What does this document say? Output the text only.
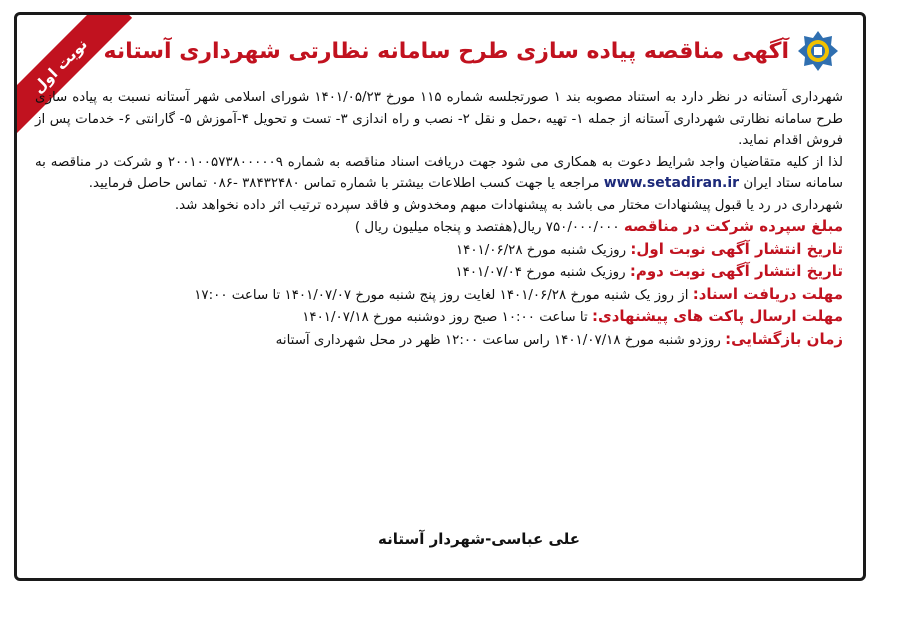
نوبت اول آگهی مناقصه پیاده سازی طرح سامانه نظارتی شهرداری آستانه

شهرداری آستانه در نظر دارد به استناد مصوبه بند ۱ صورتجلسه شماره ۱۱۵ مورخ ۱۴۰۱/۰۵/۲۳ شورای اسلامی شهر آستانه نسبت به پیاده سازی طرح سامانه نظارتی شهرداری آستانه از جمله ۱- تهیه ،حمل و نقل ۲- نصب و راه اندازی ۳- تست و تحویل ۴-آموزش ۵- گارانتی ۶- خدمات پس از فروش اقدام نماید.

لذا از کلیه متقاضیان واجد شرایط دعوت به همکاری می شود جهت دریافت اسناد مناقصه به شماره ۲۰۰۱۰۰۵۷۳۸۰۰۰۰۰۹ و شرکت در مناقصه به سامانه ستاد ایران www.setadiran.ir مراجعه یا جهت کسب اطلاعات بیشتر با شماره تماس ۳۸۴۳۲۴۸۰ -۰۸۶ تماس حاصل فرمایید.

شهرداری در رد یا قبول پیشنهادات مختار می باشد به پیشنهادات مبهم ومخدوش و فاقد سپرده ترتیب اثر داده نخواهد شد.

مبلغ سپرده شرکت در مناقصه ۷۵۰/۰۰۰/۰۰۰ ریال(هفتصد و پنجاه میلیون ریال )

تاریخ انتشار آگهی نوبت اول: روزیک شنبه مورخ ۱۴۰۱/۰۶/۲۸

تاریخ انتشار آگهی نوبت دوم: روزیک شنبه مورخ ۱۴۰۱/۰۷/۰۴

مهلت دریافت اسناد: از روز یک شنبه مورخ ۱۴۰۱/۰۶/۲۸ لغایت روز پنج شنبه مورخ ۱۴۰۱/۰۷/۰۷ تا ساعت ۱۷:۰۰

مهلت ارسال پاکت های پیشنهادی: تا ساعت ۱۰:۰۰ صبح روز دوشنبه مورخ ۱۴۰۱/۰۷/۱۸

زمان بازگشایی: روزدو شنبه مورخ ۱۴۰۱/۰۷/۱۸ راس ساعت ۱۲:۰۰ ظهر در محل شهرداری آستانه

علی عباسی-شهردار آستانه
